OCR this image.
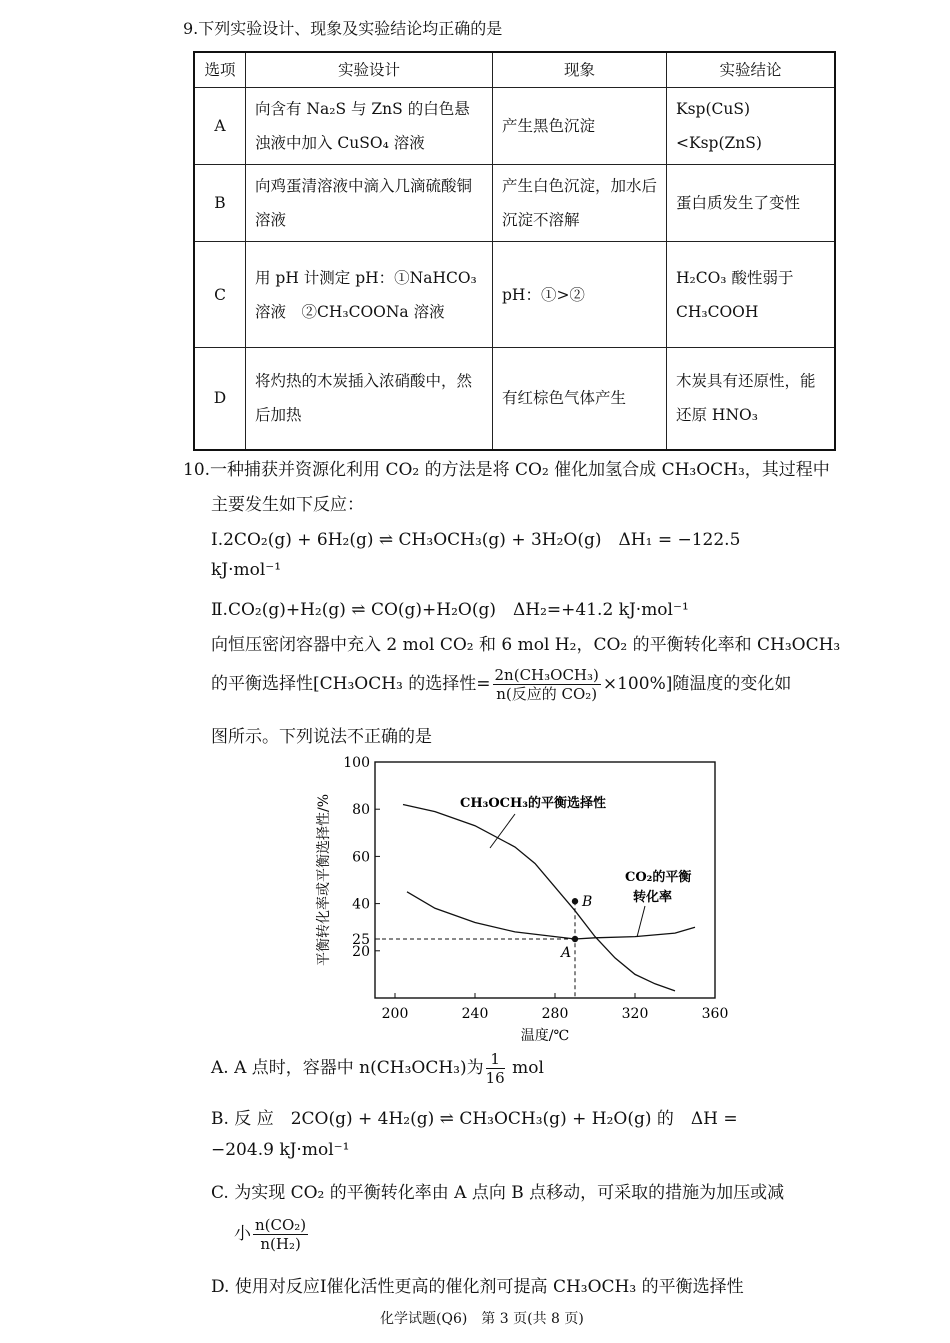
9.下列实验设计、现象及实验结论均正确的是
选项	实验设计	现象	实验结论
A	向含有 Na₂S 与 ZnS 的白色悬浊液中加入 CuSO₄ 溶液	产生黑色沉淀	Ksp(CuS)<Ksp(ZnS)
B	向鸡蛋清溶液中滴入几滴硫酸铜溶液	产生白色沉淀，加水后沉淀不溶解	蛋白质发生了变性
C	用 pH 计测定 pH：①NaHCO₃ 溶液　②CH₃COONa 溶液	pH：①>②	H₂CO₃ 酸性弱于 CH₃COOH
D	将灼热的木炭插入浓硝酸中，然后加热	有红棕色气体产生	木炭具有还原性，能还原 HNO₃
10.一种捕获并资源化利用 CO₂ 的方法是将 CO₂ 催化加氢合成 CH₃OCH₃，其过程中
主要发生如下反应：
Ⅰ.2CO₂(g) + 6H₂(g) ⇌ CH₃OCH₃(g) + 3H₂O(g)　ΔH₁ = −122.5
kJ·mol⁻¹
Ⅱ.CO₂(g)+H₂(g) ⇌ CO(g)+H₂O(g)　ΔH₂=+41.2 kJ·mol⁻¹
向恒压密闭容器中充入 2 mol CO₂ 和 6 mol H₂，CO₂ 的平衡转化率和 CH₃OCH₃
的平衡选择性[CH₃OCH₃ 的选择性= $\frac{\text{2n(CH₃OCH₃)}}{\text{n(反应的 CO₂)}} \times 100\%$]随温度的变化如
图所示。下列说法不正确的是
200	240	280	320	360
100
80
60
40
25
20
温度/℃
平衡转化率或平衡选择性/%	A
B
CH₃OCH₃的平衡选择性
CO₂的平衡
转化率
A. A 点时，容器中 n(CH₃OCH₃)为 $\frac{1}{16}$ mol
B. 反 应　2CO(g) + 4H₂(g) ⇌ CH₃OCH₃(g) + H₂O(g) 的　ΔH =
−204.9 kJ·mol⁻¹
C. 为实现 CO₂ 的平衡转化率由 A 点向 B 点移动，可采取的措施为加压或减
小 $\frac{\text{n(CO₂)}}{\text{n(H₂)}}$
D. 使用对反应Ⅰ催化活性更高的催化剂可提高 CH₃OCH₃ 的平衡选择性
化学试题(Q6)　第 3 页(共 8 页)
